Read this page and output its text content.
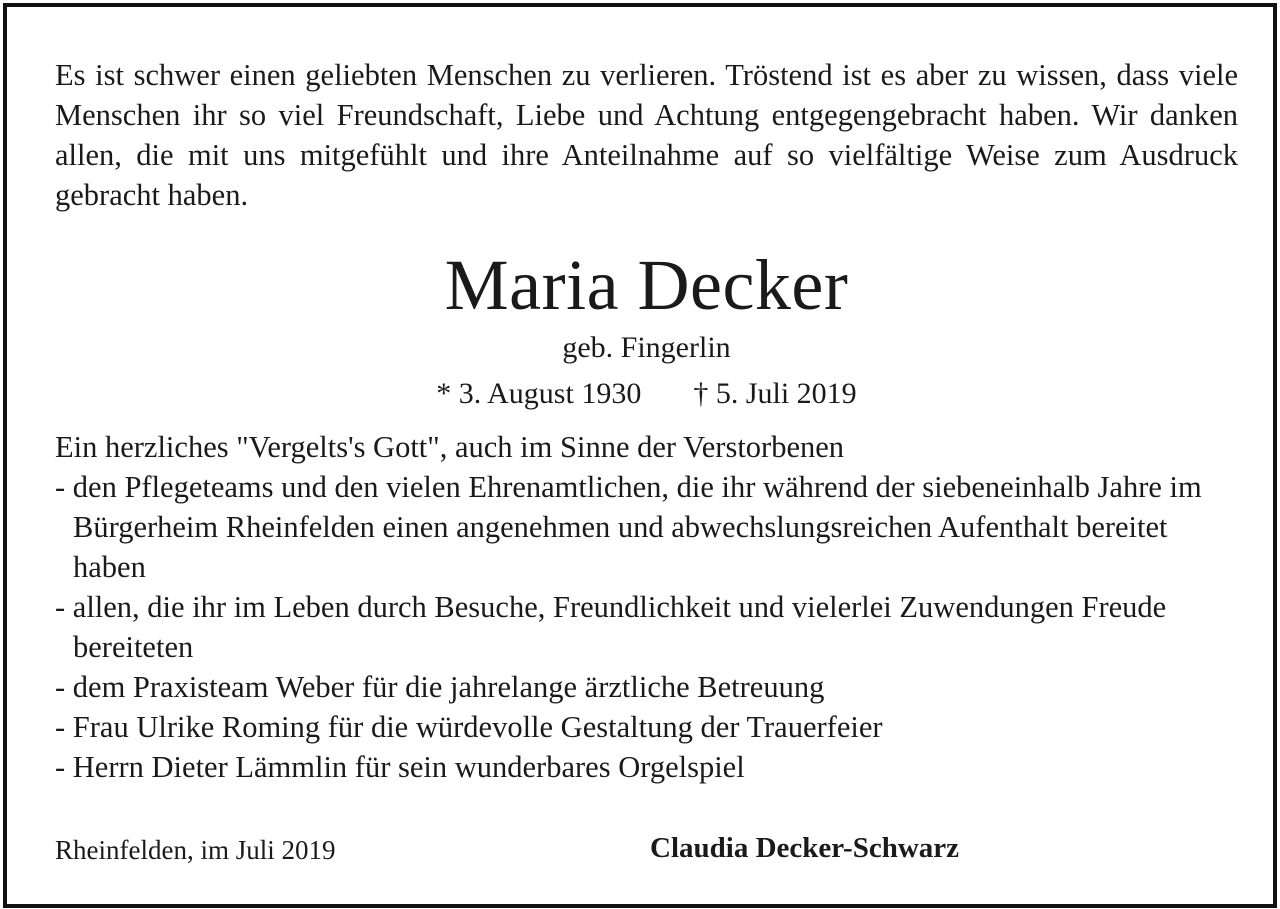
Es ist schwer einen geliebten Menschen zu verlieren. Tröstend ist es aber zu wissen, dass viele Menschen ihr so viel Freundschaft, Liebe und Achtung entgegengebracht haben. Wir danken allen, die mit uns mitgefühlt und ihre Anteilnahme auf so vielfältige Weise zum Ausdruck gebracht haben.

Maria Decker

geb. Fingerlin

* 3. August 1930 † 5. Juli 2019

Ein herzliches "Vergelts's Gott", auch im Sinne der Verstorbenen
- den Pflegeteams und den vielen Ehrenamtlichen, die ihr während der siebeneinhalb Jahre im Bürgerheim Rheinfelden einen angenehmen und abwechslungsreichen Aufenthalt bereitet haben
- allen, die ihr im Leben durch Besuche, Freundlichkeit und vielerlei Zuwendungen Freude bereiteten
- dem Praxisteam Weber für die jahrelange ärztliche Betreuung
- Frau Ulrike Roming für die würdevolle Gestaltung der Trauerfeier
- Herrn Dieter Lämmlin für sein wunderbares Orgelspiel

Rheinfelden, im Juli 2019	Claudia Decker-Schwarz
